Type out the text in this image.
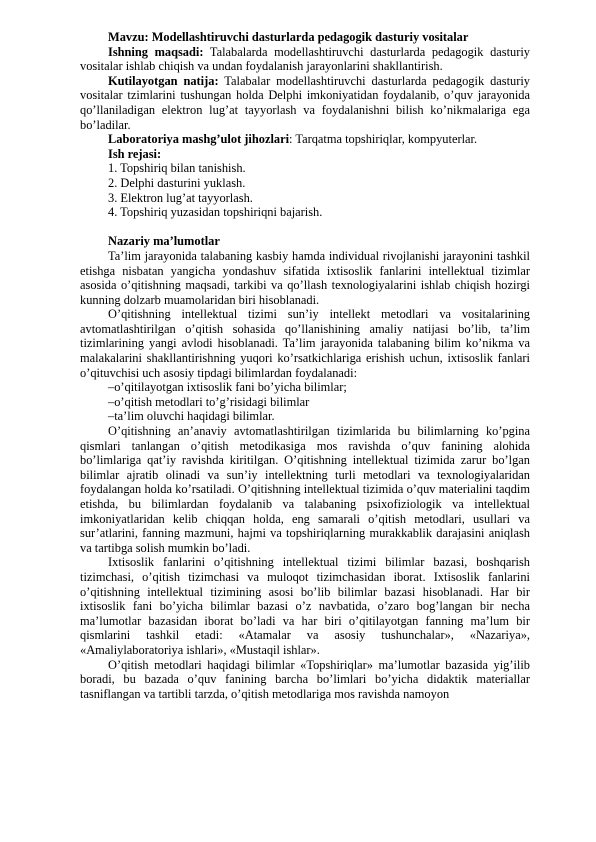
Mavzu: Modellashtiruvchi dasturlarda pedagogik dasturiy vositalar

Ishning maqsadi: Talabalarda modellashtiruvchi dasturlarda pedagogik dasturiy vositalar ishlab chiqish va undan foydalanish jarayonlarini shakllantirish.

Kutilayotgan natija: Talabalar modellashtiruvchi dasturlarda pedagogik dasturiy vositalar tzimlarini tushungan holda Delphi imkoniyatidan foydalanib, o’quv jarayonida qo’llaniladigan elektron lug’at tayyorlash va foydalanishni bilish ko’nikmalariga ega bo’ladilar.

Laboratoriya mashg’ulot jihozlari: Tarqatma topshiriqlar, kompyuterlar.

Ish rejasi:

1. Topshiriq bilan tanishish.

2. Delphi dasturini yuklash.

3. Elektron lug’at tayyorlash.

4. Topshiriq yuzasidan topshiriqni bajarish.

Nazariy ma’lumotlar

Ta’lim jarayonida talabaning kasbiy hamda individual rivojlanishi jarayonini tashkil etishga nisbatan yangicha yondashuv sifatida ixtisoslik fanlarini intellektual tizimlar asosida o’qitishning maqsadi, tarkibi va qo’llash texnologiyalarini ishlab chiqish hozirgi kunning dolzarb muamolaridan biri hisoblanadi.

O’qitishning intellektual tizimi sun’iy intellekt metodlari va vositalarining avtomatlashtirilgan o’qitish sohasida qo’llanishining amaliy natijasi bo’lib, ta’lim tizimlarining yangi avlodi hisoblanadi. Ta’lim jarayonida talabaning bilim ko’nikma va malakalarini shakllantirishning yuqori ko’rsatkichlariga erishish uchun, ixtisoslik fanlari o’qituvchisi uch asosiy tipdagi bilimlardan foydalanadi:

–o’qitilayotgan ixtisoslik fani bo’yicha bilimlar;

–o’qitish metodlari to’g’risidagi bilimlar

–ta’lim oluvchi haqidagi bilimlar.

O’qitishning an’anaviy avtomatlashtirilgan tizimlarida bu bilimlarning ko’pgina qismlari tanlangan o’qitish metodikasiga mos ravishda o’quv fanining alohida bo’limlariga qat’iy ravishda kiritilgan. O’qitishning intellektual tizimida zarur bo’lgan bilimlar ajratib olinadi va sun’iy intellektning turli metodlari va texnologiyalaridan foydalangan holda ko’rsatiladi. O’qitishning intellektual tizimida o’quv materialini taqdim etishda, bu bilimlardan foydalanib va talabaning psixofiziologik va intellektual imkoniyatlaridan kelib chiqqan holda, eng samarali o’qitish metodlari, usullari va sur’atlarini, fanning mazmuni, hajmi va topshiriqlarning murakkablik darajasini aniqlash va tartibga solish mumkin bo’ladi.

Ixtisoslik fanlarini o’qitishning intellektual tizimi bilimlar bazasi, boshqarish tizimchasi, o’qitish tizimchasi va muloqot tizimchasidan iborat. Ixtisoslik fanlarini o’qitishning intellektual tizimining asosi bo’lib bilimlar bazasi hisoblanadi. Har bir ixtisoslik fani bo’yicha bilimlar bazasi o’z navbatida, o’zaro bog’langan bir necha ma’lumotlar bazasidan iborat bo’ladi va har biri o’qitilayotgan fanning ma’lum bir qismlarini tashkil etadi: «Atamalar va asosiy tushunchalar», «Nazariya», «Amaliylaboratoriya ishlari», «Mustaqil ishlar».

O’qitish metodlari haqidagi bilimlar «Topshiriqlar» ma’lumotlar bazasida yig’ilib boradi, bu bazada o’quv fanining barcha bo’limlari bo’yicha didaktik materiallar tasniflangan va tartibli tarzda, o’qitish metodlariga mos ravishda namoyon
